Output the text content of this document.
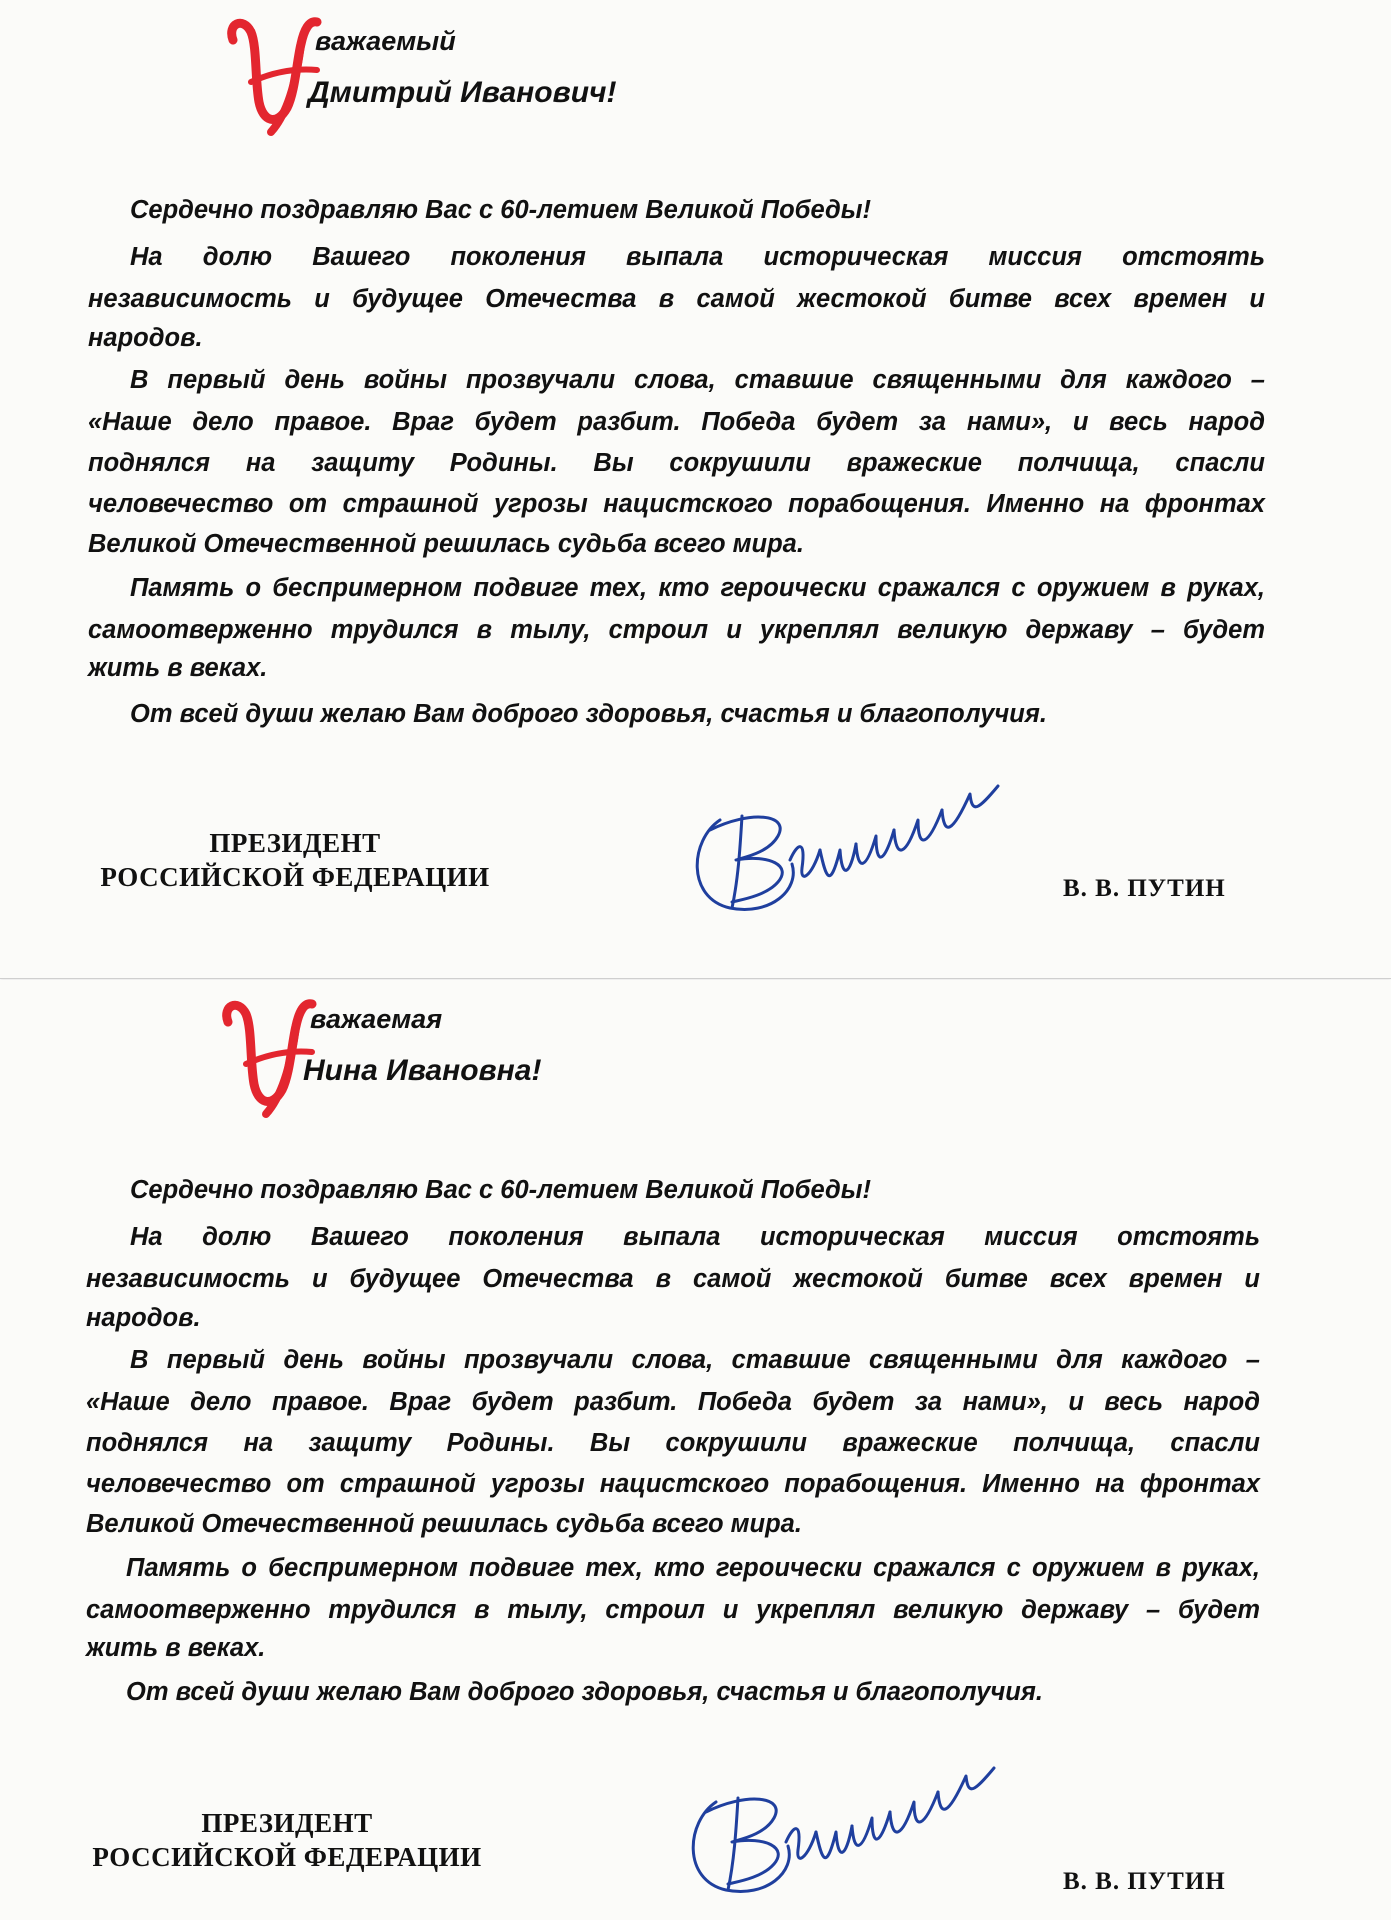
важаемый

Дмитрий Иванович!

Сердечно поздравляю Вас с 60-летием Великой Победы!

На долю Вашего поколения выпала историческая миссия отстоять

независимость и будущее Отечества в самой жестокой битве всех времен и

народов.

В первый день войны прозвучали слова, ставшие священными для каждого –

«Наше дело правое. Враг будет разбит. Победа будет за нами», и весь народ

поднялся на защиту Родины. Вы сокрушили вражеские полчища, спасли

человечество от страшной угрозы нацистского порабощения. Именно на фронтах

Великой Отечественной решилась судьба всего мира.

Память о беспримерном подвиге тех, кто героически сражался с оружием в руках,

самоотверженно трудился в тылу, строил и укреплял великую державу – будет

жить в веках.

От всей души желаю Вам доброго здоровья, счастья и благополучия.

ПРЕЗИДЕНТ
РОССИЙСКОЙ ФЕДЕРАЦИИ	В. В. ПУТИН

важаемая

Нина Ивановна!

Сердечно поздравляю Вас с 60-летием Великой Победы!

На долю Вашего поколения выпала историческая миссия отстоять

независимость и будущее Отечества в самой жестокой битве всех времен и

народов.

В первый день войны прозвучали слова, ставшие священными для каждого –

«Наше дело правое. Враг будет разбит. Победа будет за нами», и весь народ

поднялся на защиту Родины. Вы сокрушили вражеские полчища, спасли

человечество от страшной угрозы нацистского порабощения. Именно на фронтах

Великой Отечественной решилась судьба всего мира.

Память о беспримерном подвиге тех, кто героически сражался с оружием в руках,

самоотверженно трудился в тылу, строил и укреплял великую державу – будет

жить в веках.

От всей души желаю Вам доброго здоровья, счастья и благополучия.

ПРЕЗИДЕНТ
РОССИЙСКОЙ ФЕДЕРАЦИИ

В. В. ПУТИН
